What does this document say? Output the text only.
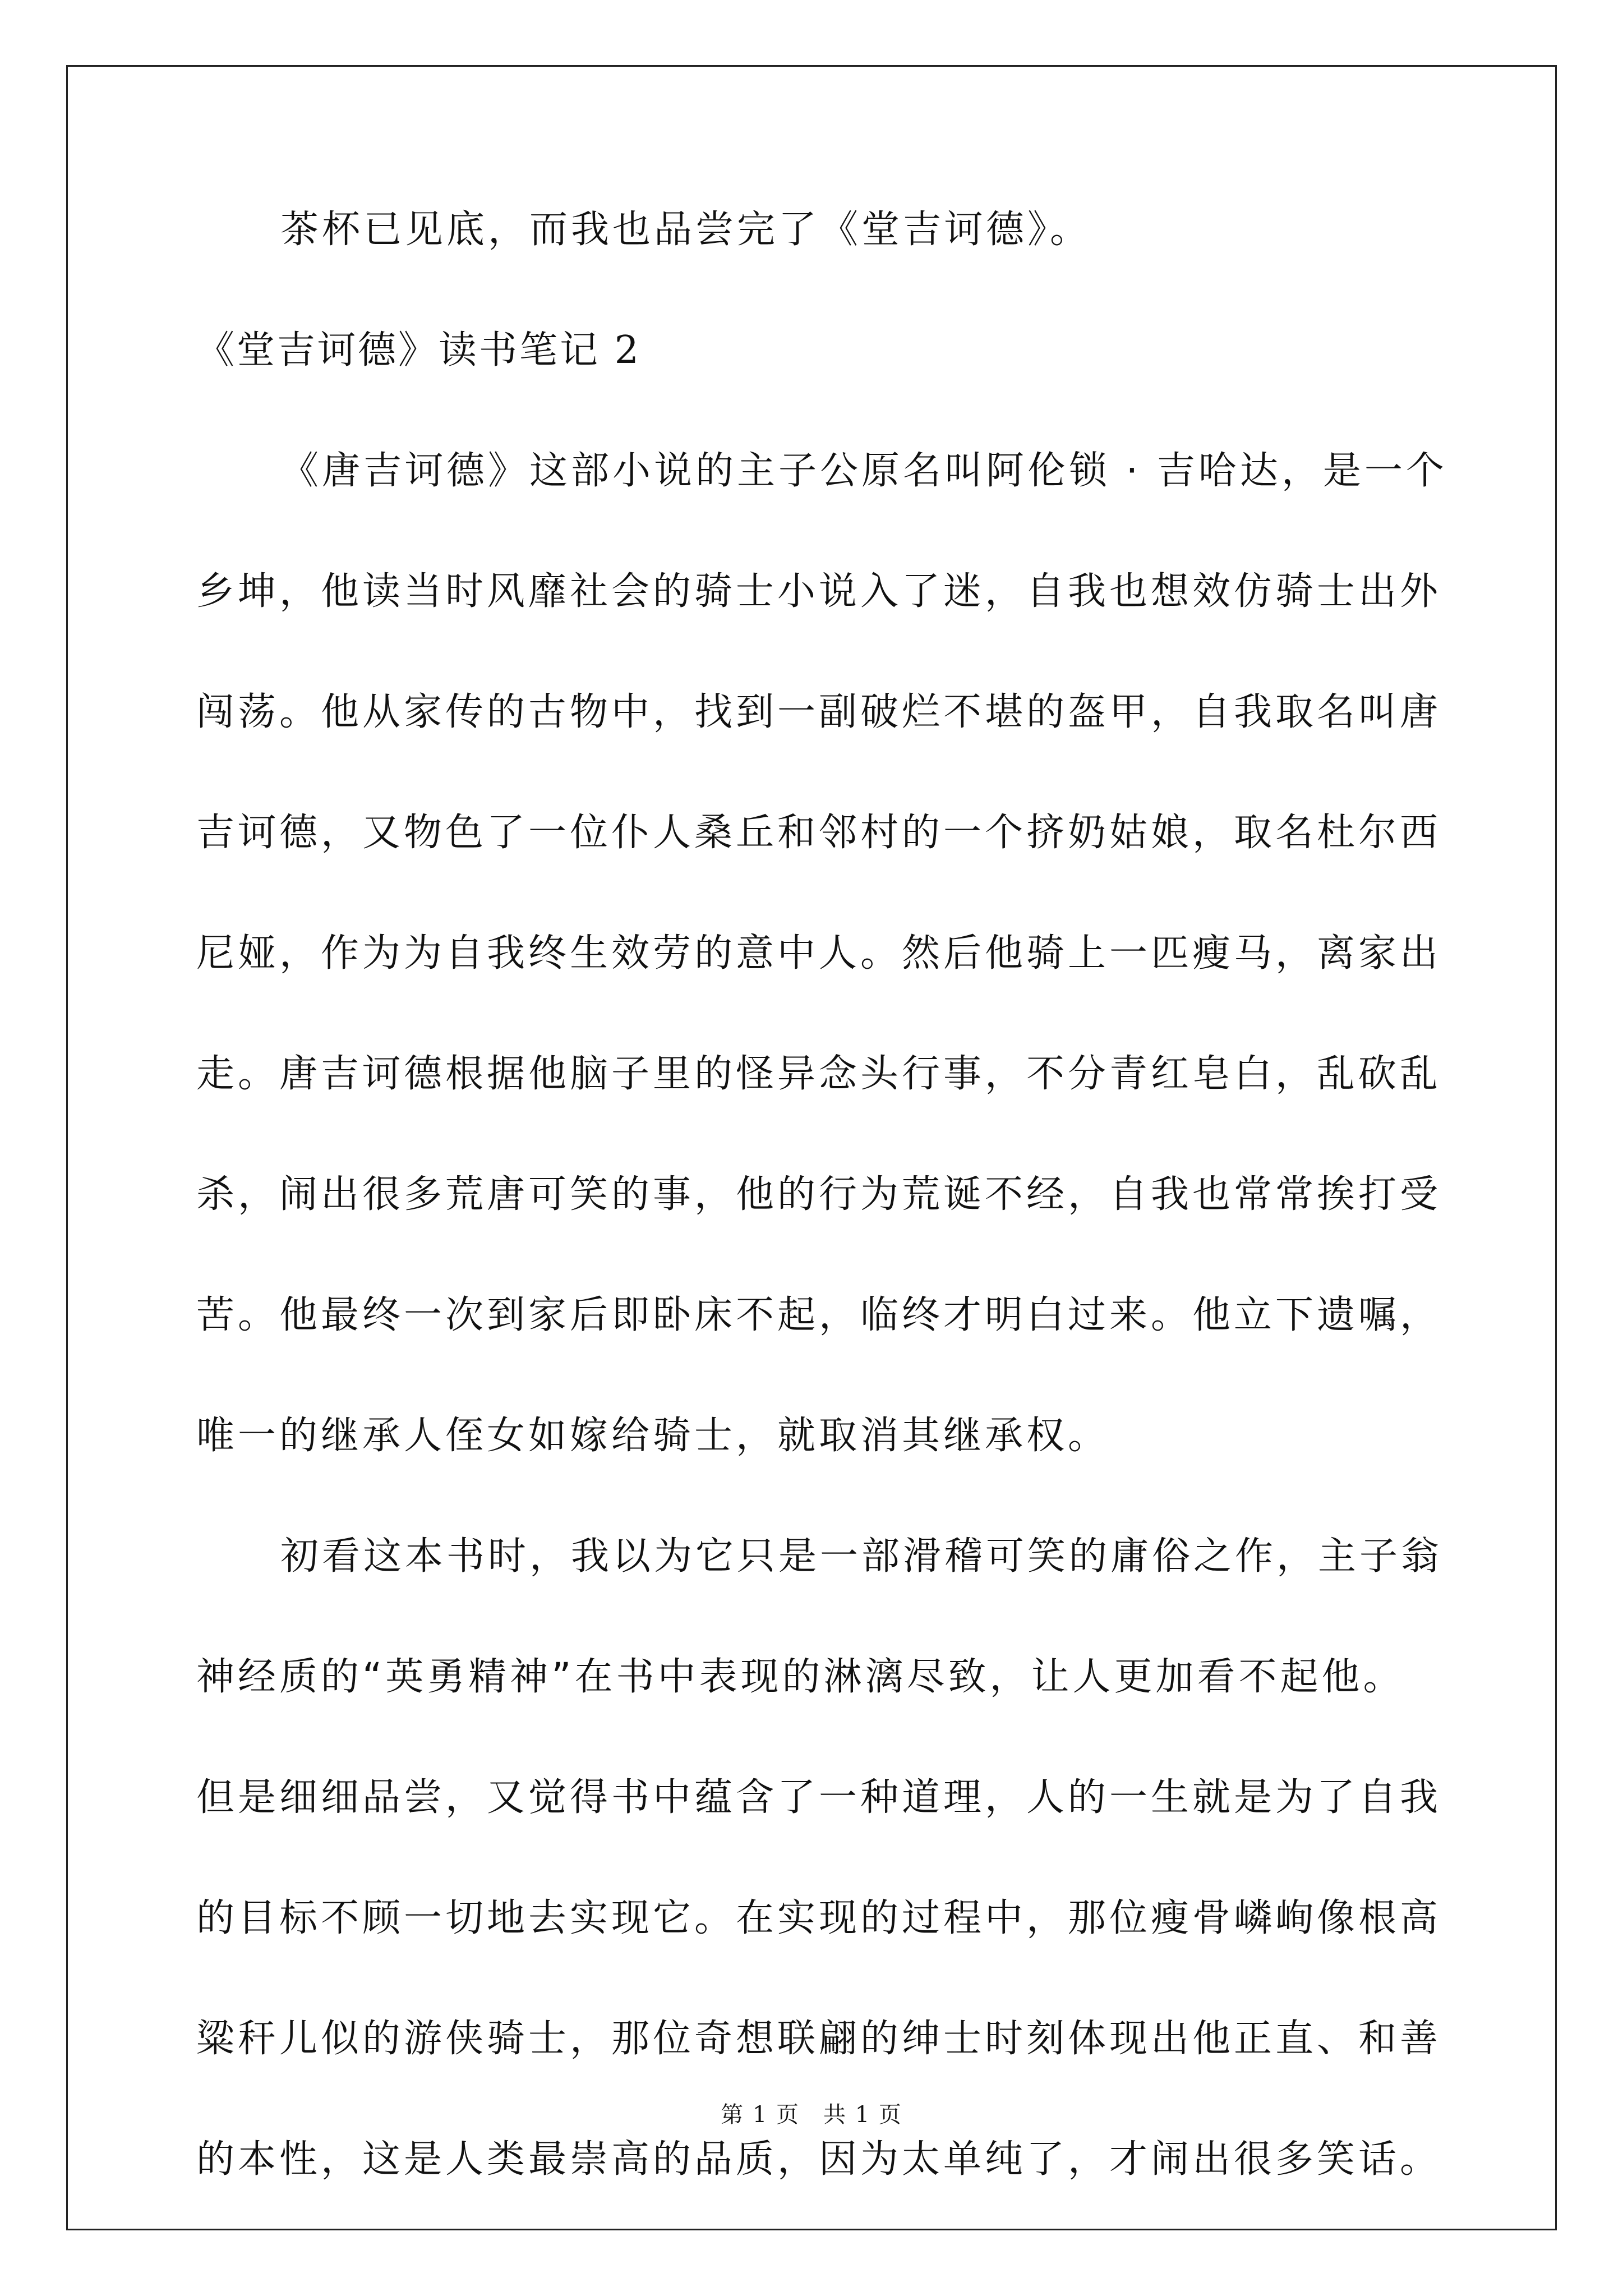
茶杯已见底，而我也品尝完了《堂吉诃德》。
《堂吉诃德》读书笔记 2
《唐吉诃德》这部小说的主子公原名叫阿伦锁 · 吉哈达，是一个
乡坤，他读当时风靡社会的骑士小说入了迷，自我也想效仿骑士出外
闯荡。他从家传的古物中，找到一副破烂不堪的盔甲，自我取名叫唐
吉诃德，又物色了一位仆人桑丘和邻村的一个挤奶姑娘，取名杜尔西
尼娅，作为为自我终生效劳的意中人。然后他骑上一匹瘦马，离家出
走。唐吉诃德根据他脑子里的怪异念头行事，不分青红皂白，乱砍乱
杀，闹出很多荒唐可笑的事，他的行为荒诞不经，自我也常常挨打受
苦。他最终一次到家后即卧床不起，临终才明白过来。他立下遗嘱，
唯一的继承人侄女如嫁给骑士，就取消其继承权。
初看这本书时，我以为它只是一部滑稽可笑的庸俗之作，主子翁
神经质的“英勇精神”在书中表现的淋漓尽致，让人更加看不起他。
但是细细品尝，又觉得书中蕴含了一种道理，人的一生就是为了自我
的目标不顾一切地去实现它。在实现的过程中，那位瘦骨嶙峋像根高
粱秆儿似的游侠骑士，那位奇想联翩的绅士时刻体现出他正直、和善
的本性，这是人类最崇高的品质，因为太单纯了，才闹出很多笑话。
第 1 页　共 1 页
